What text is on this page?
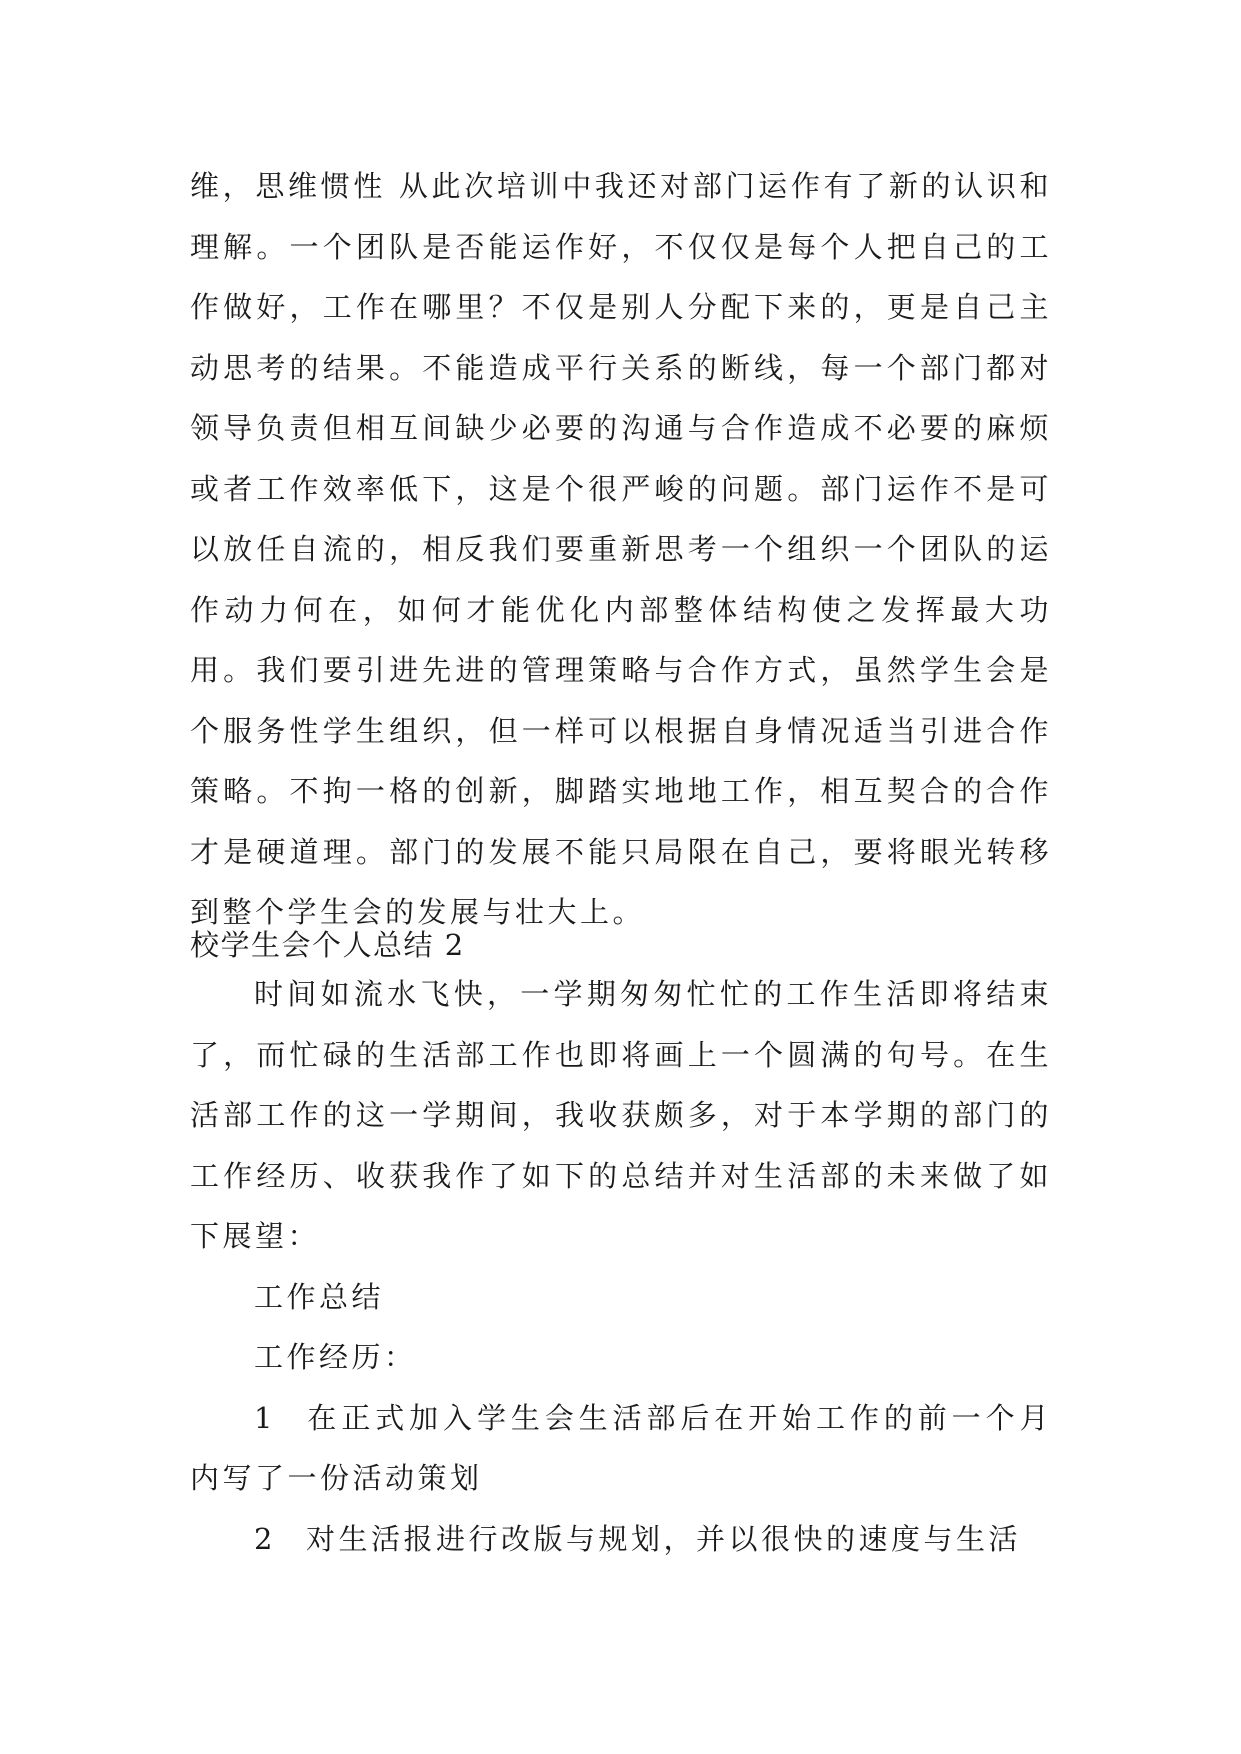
维，思维惯性 从此次培训中我还对部门运作有了新的认识和理解。一个团队是否能运作好，不仅仅是每个人把自己的工作做好，工作在哪里？不仅是别人分配下来的，更是自己主动思考的结果。不能造成平行关系的断线，每一个部门都对领导负责但相互间缺少必要的沟通与合作造成不必要的麻烦或者工作效率低下，这是个很严峻的问题。部门运作不是可以放任自流的，相反我们要重新思考一个组织一个团队的运作动力何在，如何才能优化内部整体结构使之发挥最大功用。我们要引进先进的管理策略与合作方式，虽然学生会是个服务性学生组织，但一样可以根据自身情况适当引进合作策略。不拘一格的创新，脚踏实地地工作，相互契合的合作才是硬道理。部门的发展不能只局限在自己，要将眼光转移到整个学生会的发展与壮大上。

校学生会个人总结 2

时间如流水飞快，一学期匆匆忙忙的工作生活即将结束了，而忙碌的生活部工作也即将画上一个圆满的句号。在生活部工作的这一学期间，我收获颇多，对于本学期的部门的工作经历、收获我作了如下的总结并对生活部的未来做了如下展望：

工作总结

工作经历：

1 在正式加入学生会生活部后在开始工作的前一个月内写了一份活动策划

2 对生活报进行改版与规划，并以很快的速度与生活
